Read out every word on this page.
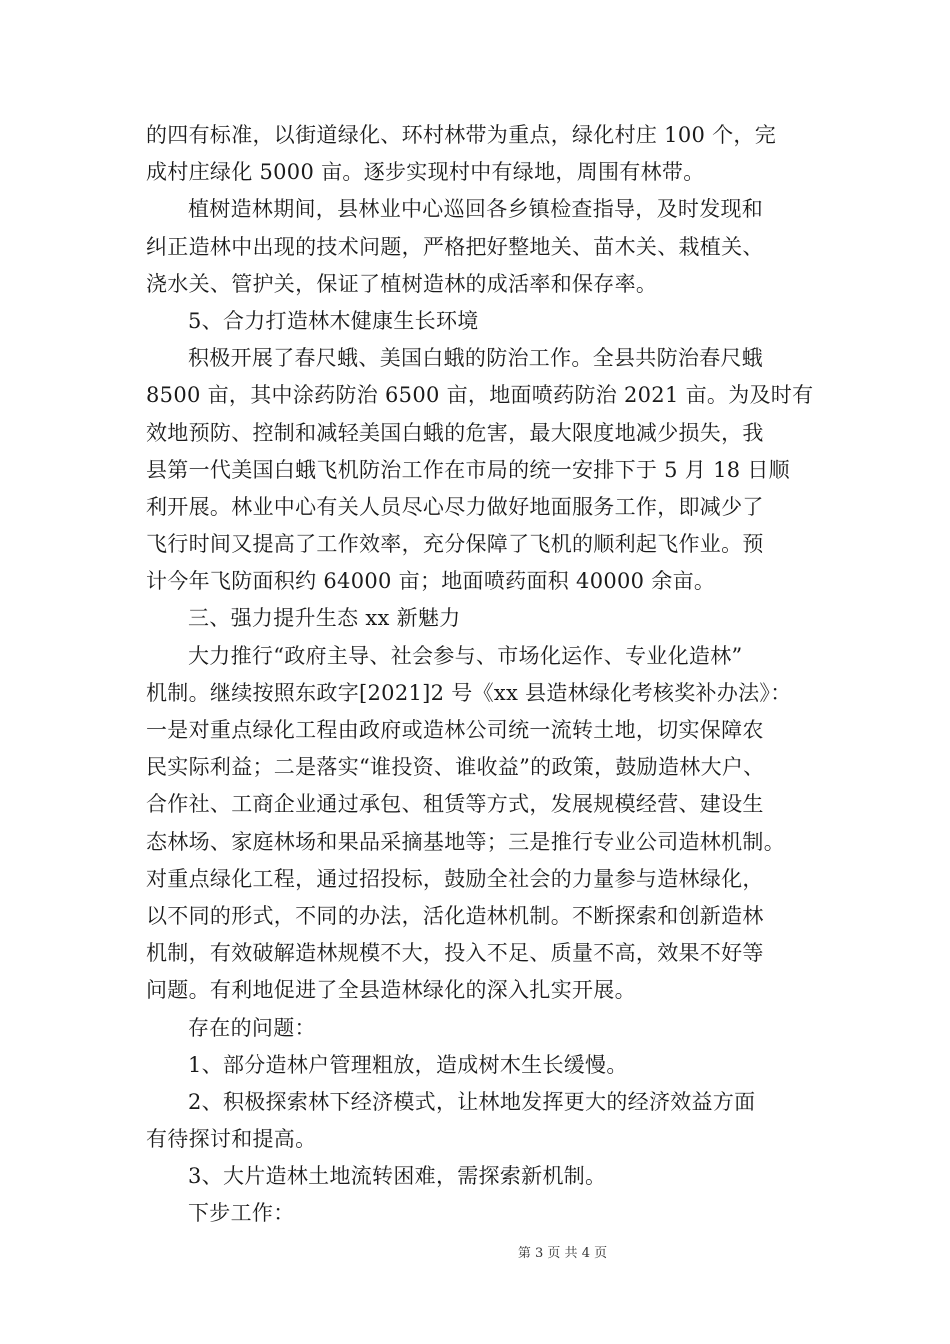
的四有标准，以街道绿化、环村林带为重点，绿化村庄 100 个，完
成村庄绿化 5000 亩。逐步实现村中有绿地，周围有林带。
植树造林期间，县林业中心巡回各乡镇检查指导，及时发现和
纠正造林中出现的技术问题，严格把好整地关、苗木关、栽植关、
浇水关、管护关，保证了植树造林的成活率和保存率。
5、合力打造林木健康生长环境
积极开展了春尺蛾、美国白蛾的防治工作。全县共防治春尺蛾
8500 亩，其中涂药防治 6500 亩，地面喷药防治 2021 亩。为及时有
效地预防、控制和减轻美国白蛾的危害，最大限度地减少损失，我
县第一代美国白蛾飞机防治工作在市局的统一安排下于 5 月 18 日顺
利开展。林业中心有关人员尽心尽力做好地面服务工作，即减少了
飞行时间又提高了工作效率，充分保障了飞机的顺利起飞作业。预
计今年飞防面积约 64000 亩；地面喷药面积 40000 余亩。
三、强力提升生态 xx 新魅力
大力推行“政府主导、社会参与、市场化运作、专业化造林”
机制。继续按照东政字[2021]2 号《xx 县造林绿化考核奖补办法》：
一是对重点绿化工程由政府或造林公司统一流转土地，切实保障农
民实际利益；二是落实“谁投资、谁收益”的政策，鼓励造林大户、
合作社、工商企业通过承包、租赁等方式，发展规模经营、建设生
态林场、家庭林场和果品采摘基地等；三是推行专业公司造林机制。
对重点绿化工程，通过招投标，鼓励全社会的力量参与造林绿化，
以不同的形式，不同的办法，活化造林机制。不断探索和创新造林
机制，有效破解造林规模不大，投入不足、质量不高，效果不好等
问题。有利地促进了全县造林绿化的深入扎实开展。
存在的问题：
1、部分造林户管理粗放，造成树木生长缓慢。
2、积极探索林下经济模式，让林地发挥更大的经济效益方面
有待探讨和提高。
3、大片造林土地流转困难，需探索新机制。
下步工作：
第 3 页 共 4 页
